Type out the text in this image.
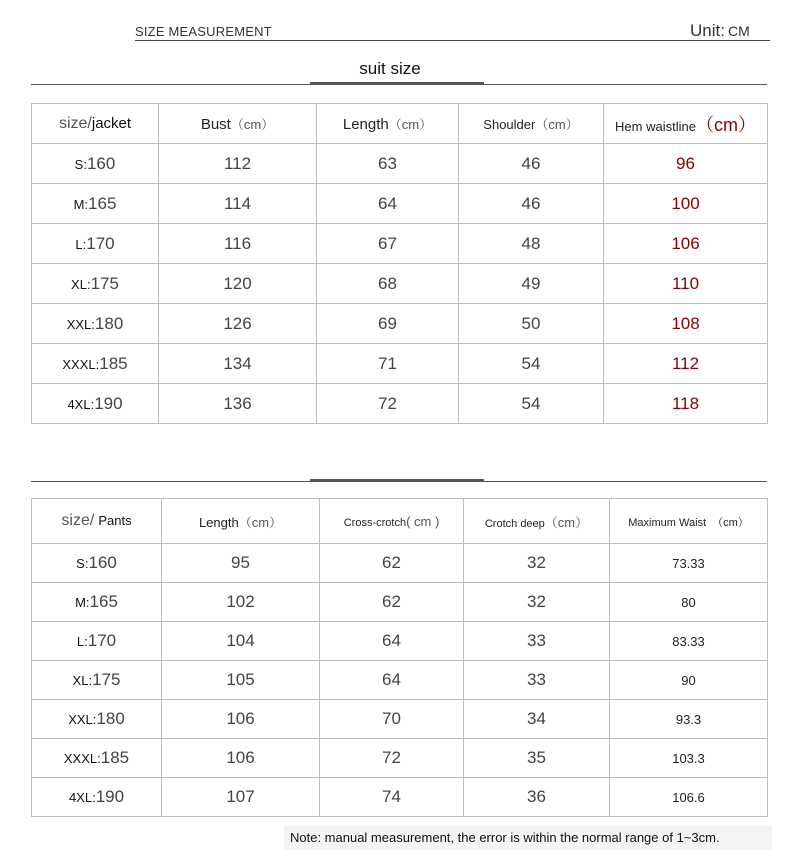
SIZE MEASUREMENT	Unit: CM
suit size
size/jacket	Bust（cm）	Length（cm）	Shoulder（cm）	Hem waistline（cm）
S:160	112	63	46	96
M:165	114	64	46	100
L:170	116	67	48	106
XL:175	120	68	49	110
XXL:180	126	69	50	108
XXXL:185	134	71	54	112
4XL:190	136	72	54	118
size/ Pants	Length（cm）	Cross-crotch( cm )	Crotch deep（cm）	Maximum Waist （cm）
S:160	95	62	32	73.33
M:165	102	62	32	80
L:170	104	64	33	83.33
XL:175	105	64	33	90
XXL:180	106	70	34	93.3
XXXL:185	106	72	35	103.3
4XL:190	107	74	36	106.6
Note: manual measurement, the error is within the normal range of 1~3cm.
